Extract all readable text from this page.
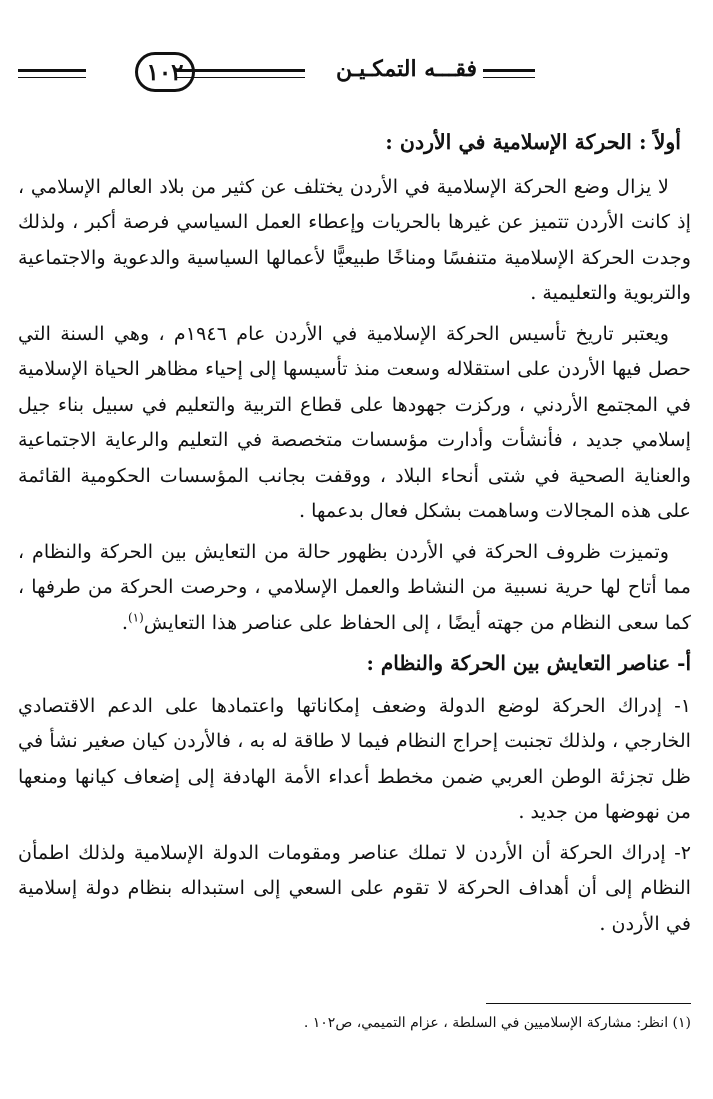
١٠٢	فقـــه التمكـيـن
أولاً : الحركة الإسلامية في الأردن :

لا يزال وضع الحركة الإسلامية في الأردن يختلف عن كثير من بلاد العالم الإسلامي ، إذ كانت الأردن تتميز عن غيرها بالحريات وإعطاء العمل السياسي فرصة أكبر ، ولذلك وجدت الحركة الإسلامية متنفسًا ومناخًا طبيعيًّا لأعمالها السياسية والدعوية والاجتماعية والتربوية والتعليمية .

ويعتبر تاريخ تأسيس الحركة الإسلامية في الأردن عام ١٩٤٦م ، وهي السنة التي حصل فيها الأردن على استقلاله وسعت منذ تأسيسها إلى إحياء مظاهر الحياة الإسلامية في المجتمع الأردني ، وركزت جهودها على قطاع التربية والتعليم في سبيل بناء جيل إسلامي جديد ، فأنشأت وأدارت مؤسسات متخصصة في التعليم والرعاية الاجتماعية والعناية الصحية في شتى أنحاء البلاد ، ووقفت بجانب المؤسسات الحكومية القائمة على هذه المجالات وساهمت بشكل فعال بدعمها .

وتميزت ظروف الحركة في الأردن بظهور حالة من التعايش بين الحركة والنظام ، مما أتاح لها حرية نسبية من النشاط والعمل الإسلامي ، وحرصت الحركة من طرفها ، كما سعى النظام من جهته أيضًا ، إلى الحفاظ على عناصر هذا التعايش$^{(١)}$.

أ- عناصر التعايش بين الحركة والنظام :

١- إدراك الحركة لوضع الدولة وضعف إمكاناتها واعتمادها على الدعم الاقتصادي الخارجي ، ولذلك تجنبت إحراج النظام فيما لا طاقة له به ، فالأردن كيان صغير نشأ في ظل تجزئة الوطن العربي ضمن مخطط أعداء الأمة الهادفة إلى إضعاف كيانها ومنعها من نهوضها من جديد .

٢- إدراك الحركة أن الأردن لا تملك عناصر ومقومات الدولة الإسلامية ولذلك اطمأن النظام إلى أن أهداف الحركة لا تقوم على السعي إلى استبداله بنظام دولة إسلامية في الأردن .

(١) انظر: مشاركة الإسلاميين في السلطة ، عزام التميمي، ص١٠٢ .
